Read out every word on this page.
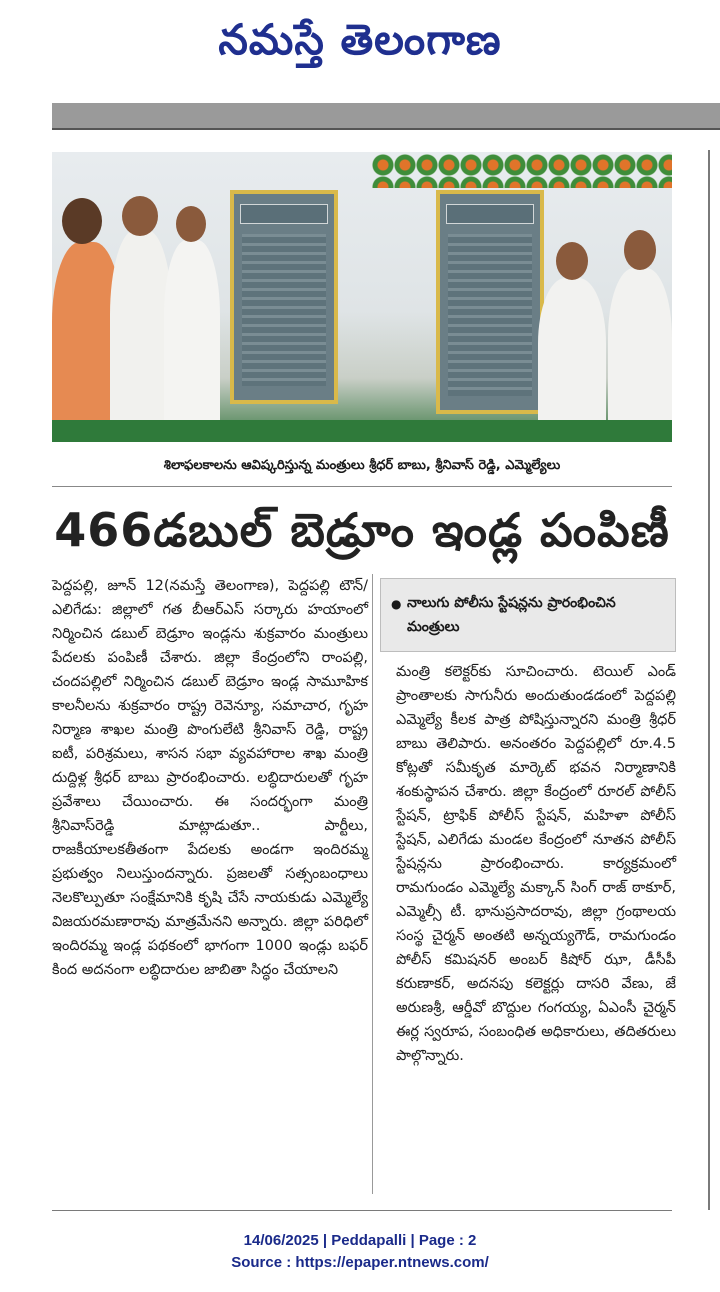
నమస్తే తెలంగాణ
శిలాఫలకాలను ఆవిష్కరిస్తున్న మంత్రులు శ్రీధర్ బాబు, శ్రీనివాస్ రెడ్డి, ఎమ్మెల్యేలు
466డబుల్ బెడ్రూం ఇండ్ల పంపిణీ
పెద్దపల్లి, జూన్ 12(నమస్తే తెలంగాణ), పెద్దపల్లి టౌన్/ఎలిగేడు: జిల్లాలో గత బీఆర్ఎస్ సర్కారు హయాంలో నిర్మించిన డబుల్ బెడ్రూం ఇండ్లను శుక్రవారం మంత్రులు పేదలకు పంపిణీ చేశారు. జిల్లా కేంద్రంలోని రాంపల్లి, చందపల్లిలో నిర్మించిన డబుల్ బెడ్రూం ఇండ్ల సామూహిక కాలనీలను శుక్రవారం రాష్ట్ర రెవెన్యూ, సమాచార, గృహ నిర్మాణ శాఖల మంత్రి పొంగులేటి శ్రీనివాస్ రెడ్డి, రాష్ట్ర ఐటీ, పరిశ్రమలు, శాసన సభా వ్యవహారాల శాఖ మంత్రి దుద్దిళ్ల శ్రీధర్ బాబు ప్రారంభించారు. లబ్ధిదారులతో గృహ ప్రవేశాలు చేయించారు. ఈ సందర్భంగా మంత్రి శ్రీనివాస్‌రెడ్డి మాట్లాడుతూ.. పార్టీలు, రాజకీయాలకతీతంగా పేదలకు అండగా ఇందిరమ్మ ప్రభుత్వం నిలుస్తుందన్నారు. ప్రజలతో సత్సంబంధాలు నెలకొల్పుతూ సంక్షేమానికి కృషి చేసే నాయకుడు ఎమ్మెల్యే విజయరమణారావు మాత్రమేనని అన్నారు. జిల్లా పరిధిలో ఇందిరమ్మ ఇండ్ల పథకంలో భాగంగా 1000 ఇండ్లు బఫర్ కింద అదనంగా లబ్ధిదారుల జాబితా సిద్ధం చేయాలని
● నాలుగు పోలీసు స్టేషన్లను ప్రారంభించిన మంత్రులు
మంత్రి కలెక్టర్‌కు సూచించారు. టెయిల్ ఎండ్ ప్రాంతాలకు సాగునీరు అందుతుండడంలో పెద్దపల్లి ఎమ్మెల్యే కీలక పాత్ర పోషిస్తున్నారని మంత్రి శ్రీధర్ బాబు తెలిపారు. అనంతరం పెద్దపల్లిలో రూ.4.5 కోట్లతో సమీకృత మార్కెట్ భవన నిర్మాణానికి శంకుస్థాపన చేశారు. జిల్లా కేంద్రంలో రూరల్ పోలీస్ స్టేషన్, ట్రాఫిక్ పోలీస్ స్టేషన్, మహిళా పోలీస్ స్టేషన్, ఎలిగేడు మండల కేంద్రంలో నూతన పోలీస్ స్టేషన్లను ప్రారంభించారు. కార్యక్రమంలో రామగుండం ఎమ్మెల్యే మక్కాన్ సింగ్ రాజ్ ఠాకూర్, ఎమ్మెల్సీ టీ. భానుప్రసాదరావు, జిల్లా గ్రంథాలయ సంస్థ చైర్మన్ అంతటి అన్నయ్యగౌడ్, రామగుండం పోలీస్ కమిషనర్ అంబర్ కిషోర్ ఝా, డీసీపీ కరుణాకర్, అదనపు కలెక్టర్లు దాసరి వేణు, జే అరుణశ్రీ, ఆర్డీవో బొద్దుల గంగయ్య, ఏఎంసీ చైర్మన్ ఈర్ల స్వరూప, సంబంధిత అధికారులు, తదితరులు పాల్గొన్నారు.
14/06/2025 | Peddapalli | Page : 2
Source : https://epaper.ntnews.com/
